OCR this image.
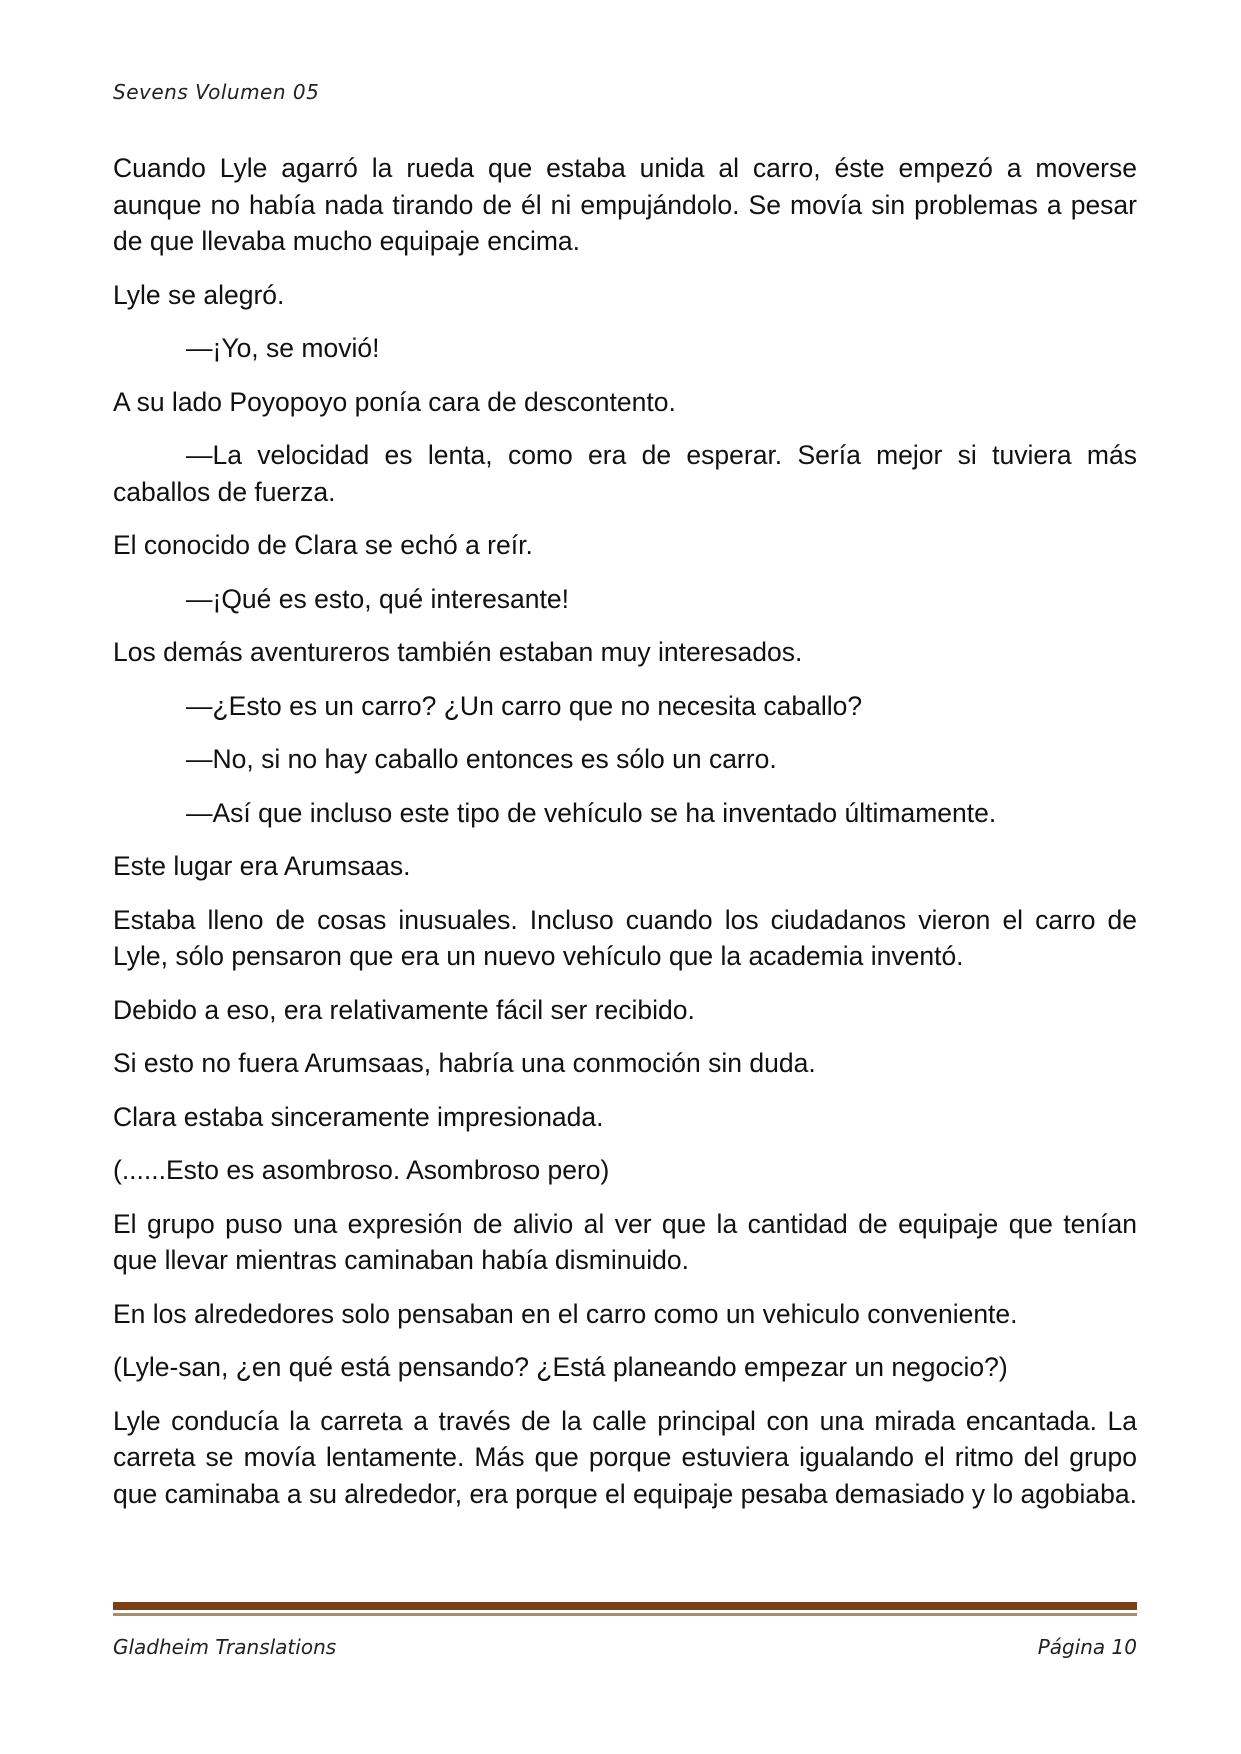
Sevens Volumen 05

Cuando Lyle agarró la rueda que estaba unida al carro, éste empezó a moverse aunque no había nada tirando de él ni empujándolo. Se movía sin problemas a pesar de que llevaba mucho equipaje encima.

Lyle se alegró.

—¡Yo, se movió!

A su lado Poyopoyo ponía cara de descontento.

—La velocidad es lenta, como era de esperar. Sería mejor si tuviera más caballos de fuerza.

El conocido de Clara se echó a reír.

—¡Qué es esto, qué interesante!

Los demás aventureros también estaban muy interesados.

—¿Esto es un carro? ¿Un carro que no necesita caballo?

—No, si no hay caballo entonces es sólo un carro.

—Así que incluso este tipo de vehículo se ha inventado últimamente.

Este lugar era Arumsaas.

Estaba lleno de cosas inusuales. Incluso cuando los ciudadanos vieron el carro de Lyle, sólo pensaron que era un nuevo vehículo que la academia inventó.

Debido a eso, era relativamente fácil ser recibido.

Si esto no fuera Arumsaas, habría una conmoción sin duda.

Clara estaba sinceramente impresionada.

(......Esto es asombroso. Asombroso pero)

El grupo puso una expresión de alivio al ver que la cantidad de equipaje que tenían que llevar mientras caminaban había disminuido.

En los alrededores solo pensaban en el carro como un vehiculo conveniente.

(Lyle-san, ¿en qué está pensando? ¿Está planeando empezar un negocio?)

Lyle conducía la carreta a través de la calle principal con una mirada encantada. La carreta se movía lentamente. Más que porque estuviera igualando el ritmo del grupo que caminaba a su alrededor, era porque el equipaje pesaba demasiado y lo agobiaba.

Gladheim Translations	Página 10
